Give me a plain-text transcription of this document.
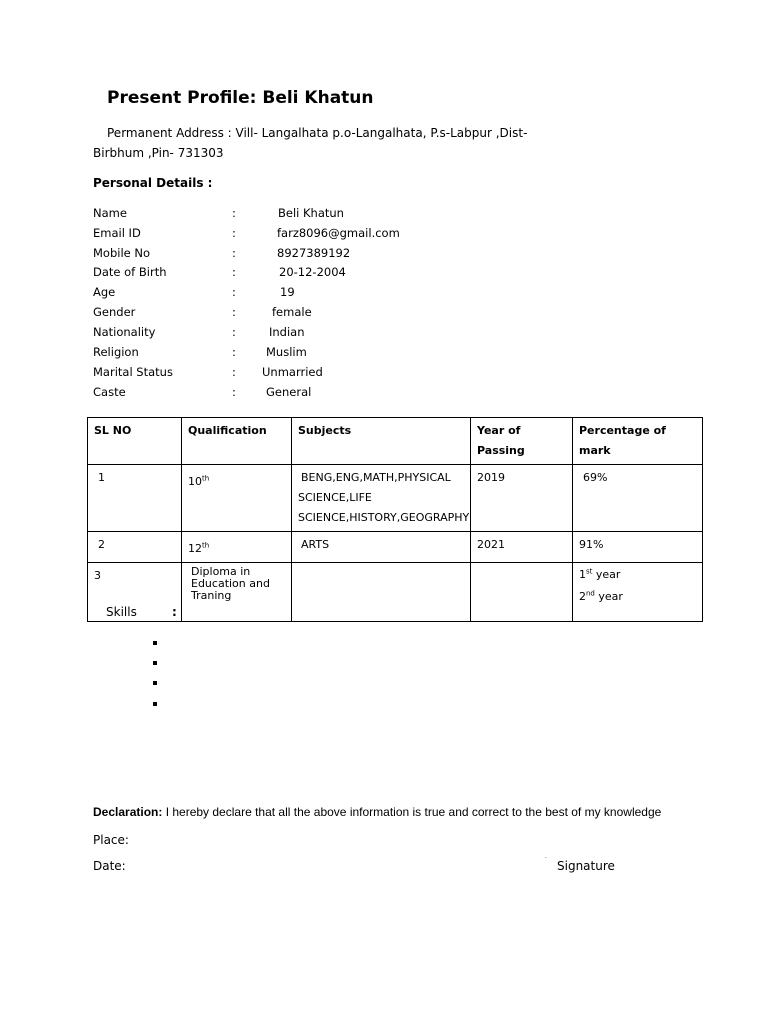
Present Profile: Beli Khatun
Permanent Address : Vill- Langalhata p.o-Langalhata, P.s-Labpur ,Dist-
Birbhum ,Pin- 731303
Personal Details :
Name	:	Beli Khatun
Email ID	:	farz8096@gmail.com
Mobile No	:	8927389192
Date of Birth	:	20-12-2004
Age	:	19
Gender	:	female
Nationality	:	Indian
Religion	:	Muslim
Marital Status	: Unmarried
Caste	:	General
SL NO	Qualification	Subjects	Year of Passing	Percentage of mark
1	10th	BENG,ENG,MATH,PHYSICAL SCIENCE,LIFE SCIENCE,HISTORY,GEOGRAPHY	2019	69%
2	12th	ARTS	2021	91%
3	Diploma in Education and Traning			1st year
2nd year
Skills	:
Declaration: I hereby declare that all the above information is true and correct to the best of my knowledge
Place:
Date:
·
Signature
